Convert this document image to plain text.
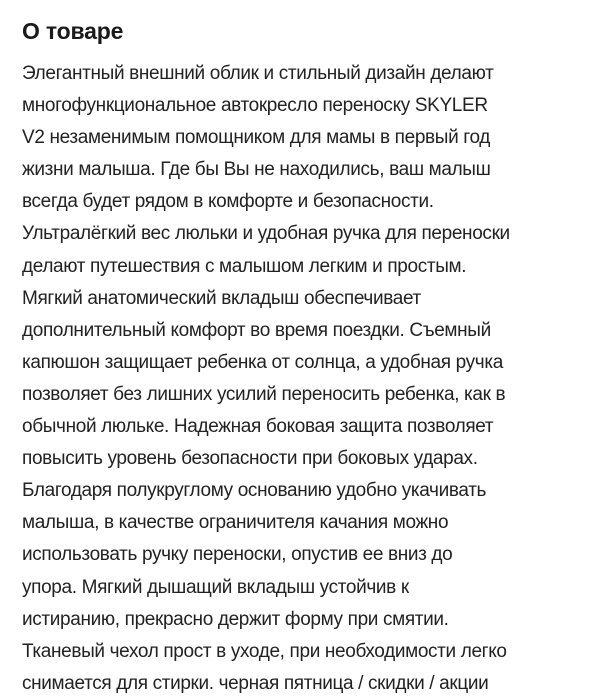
О товаре
Элегантный внешний облик и стильный дизайн делают
многофункциональное автокресло переноску SKYLER
V2 незаменимым помощником для мамы в первый год
жизни малыша. Где бы Вы не находились, ваш малыш
всегда будет рядом в комфорте и безопасности.
Ультралёгкий вес люльки и удобная ручка для переноски
делают путешествия с малышом легким и простым.
Мягкий анатомический вкладыш обеспечивает
дополнительный комфорт во время поездки. Съемный
капюшон защищает ребенка от солнца, а удобная ручка
позволяет без лишних усилий переносить ребенка, как в
обычной люльке. Надежная боковая защита позволяет
повысить уровень безопасности при боковых ударах.
Благодаря полукруглому основанию удобно укачивать
малыша, в качестве ограничителя качания можно
использовать ручку переноски, опустив ее вниз до
упора. Мягкий дышащий вкладыш устойчив к
истиранию, прекрасно держит форму при смятии.
Тканевый чехол прост в уходе, при необходимости легко
снимается для стирки. черная пятница / скидки / акции
